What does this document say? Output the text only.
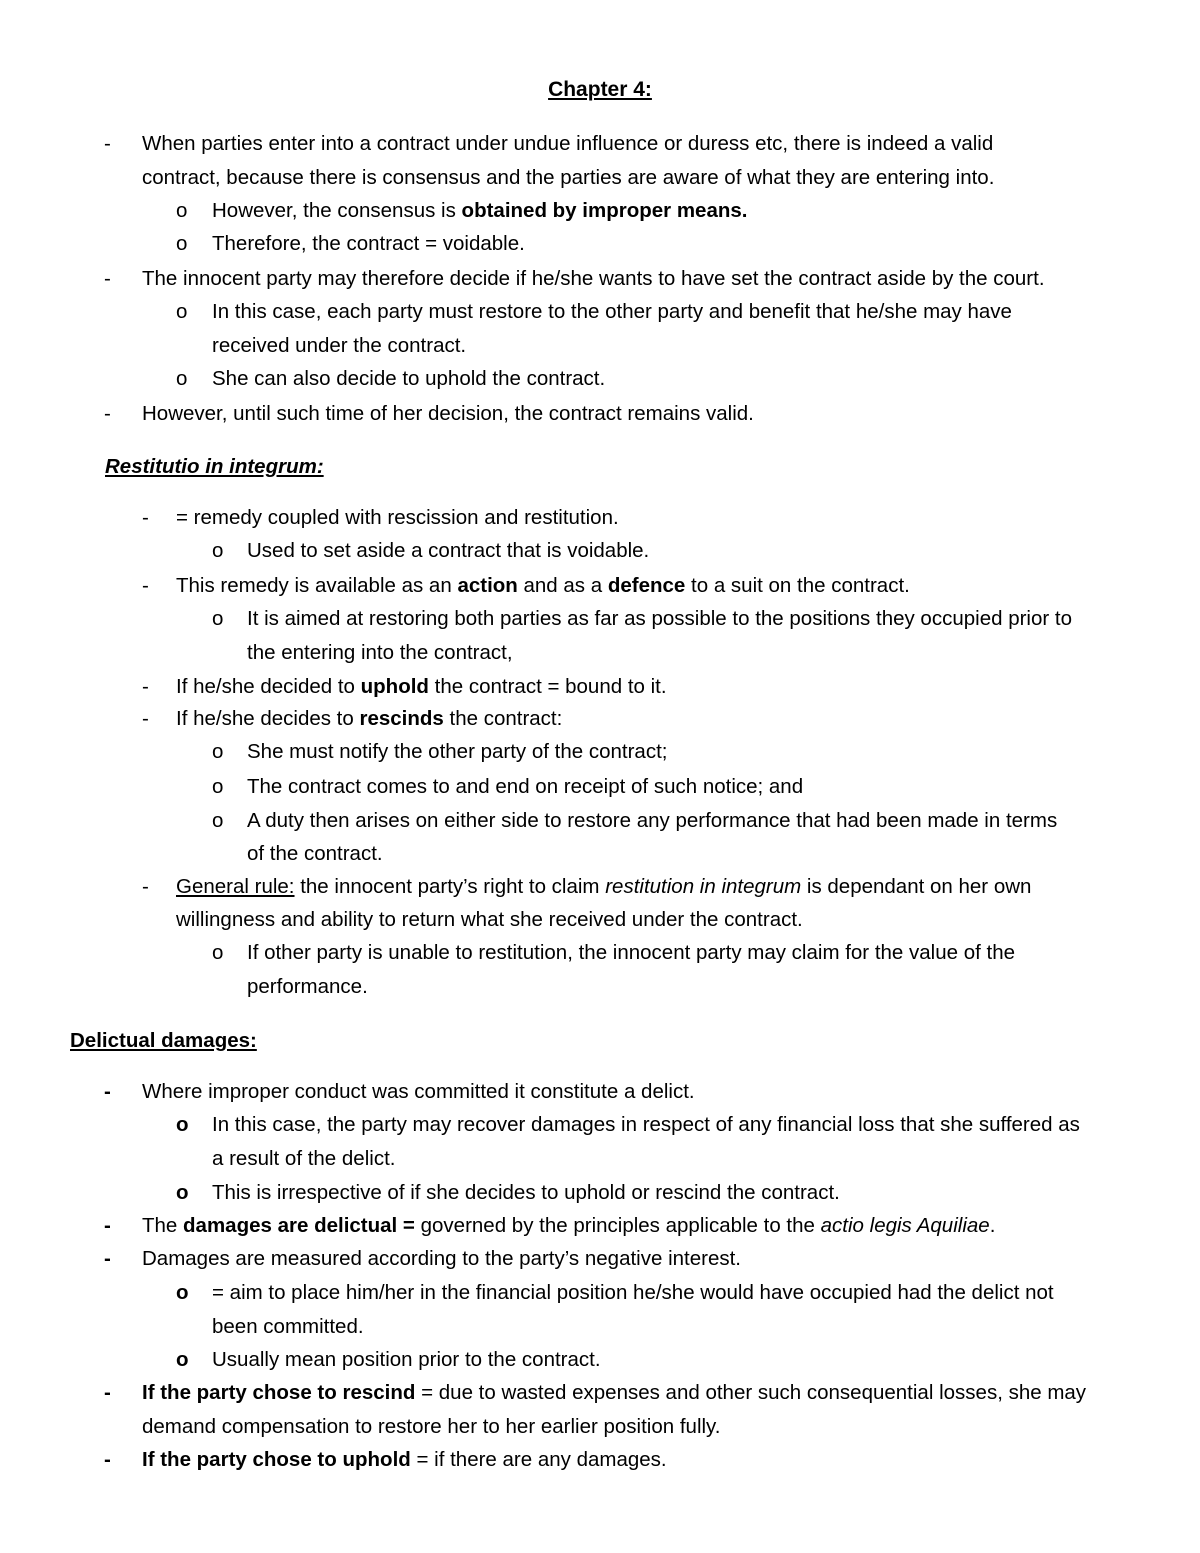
Chapter 4:
- When parties enter into a contract under undue influence or duress etc, there is indeed a valid
contract, because there is consensus and the parties are aware of what they are entering into.
o However, the consensus is obtained by improper means.
o Therefore, the contract = voidable.
- The innocent party may therefore decide if he/she wants to have set the contract aside by the court.
o In this case, each party must restore to the other party and benefit that he/she may have
received under the contract.
o She can also decide to uphold the contract.
- However, until such time of her decision, the contract remains valid.
Restitutio in integrum:
- = remedy coupled with rescission and restitution.
o Used to set aside a contract that is voidable.
- This remedy is available as an action and as a defence to a suit on the contract.
o It is aimed at restoring both parties as far as possible to the positions they occupied prior to
the entering into the contract,
- If he/she decided to uphold the contract = bound to it.
- If he/she decides to rescinds the contract:
o She must notify the other party of the contract;
o The contract comes to and end on receipt of such notice; and
o A duty then arises on either side to restore any performance that had been made in terms
of the contract.
- General rule: the innocent party’s right to claim restitution in integrum is dependant on her own
willingness and ability to return what she received under the contract.
o If other party is unable to restitution, the innocent party may claim for the value of the
performance.
Delictual damages:
- Where improper conduct was committed it constitute a delict.
o In this case, the party may recover damages in respect of any financial loss that she suffered as
a result of the delict.
o This is irrespective of if she decides to uphold or rescind the contract.
- The damages are delictual = governed by the principles applicable to the actio legis Aquiliae.
- Damages are measured according to the party’s negative interest.
o = aim to place him/her in the financial position he/she would have occupied had the delict not
been committed.
o Usually mean position prior to the contract.
- If the party chose to rescind = due to wasted expenses and other such consequential losses, she may
demand compensation to restore her to her earlier position fully.
- If the party chose to uphold = if there are any damages.
